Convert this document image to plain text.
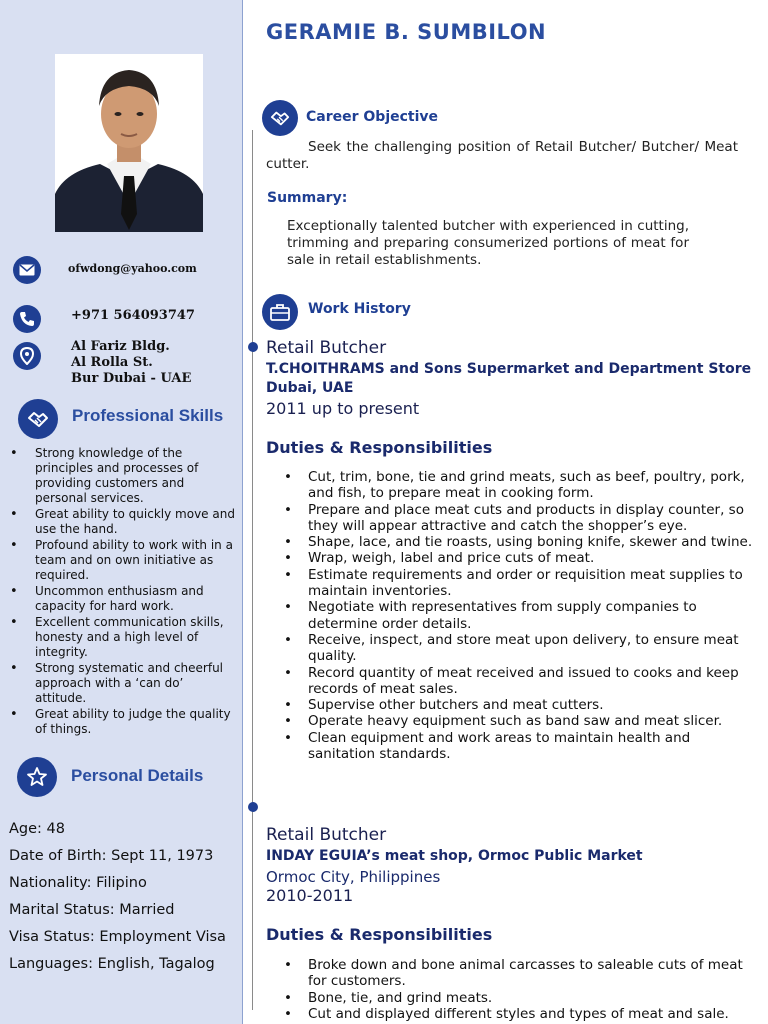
ofwdong@yahoo.com
+971 564093747
Al Fariz Bldg.
Al Rolla St.
Bur Dubai - UAE
Professional Skills
• Strong knowledge of the principles and processes of providing customers and personal services.
• Great ability to quickly move and use the hand.
• Profound ability to work with in a team and on own initiative as required.
• Uncommon enthusiasm and capacity for hard work.
• Excellent communication skills, honesty and a high level of integrity.
• Strong systematic and cheerful approach with a ‘can do’ attitude.
• Great ability to judge the quality of things.
Personal Details
Age: 48
Date of Birth: Sept 11, 1973
Nationality: Filipino
Marital Status: Married
Visa Status: Employment Visa
Languages: English, Tagalog
GERAMIE B. SUMBILON
Career Objective
Seek the challenging position of Retail Butcher/ Butcher/ Meat cutter.
Summary:
Exceptionally talented butcher with experienced in cutting, trimming and preparing consumerized portions of meat for sale in retail establishments.
Work History
Retail Butcher
T.CHOITHRAMS and Sons Supermarket and Department Store
Dubai, UAE
2011 up to present
Duties & Responsibilities
• Cut, trim, bone, tie and grind meats, such as beef, poultry, pork, and fish, to prepare meat in cooking form.
• Prepare and place meat cuts and products in display counter, so they will appear attractive and catch the shopper’s eye.
• Shape, lace, and tie roasts, using boning knife, skewer and twine.
• Wrap, weigh, label and price cuts of meat.
• Estimate requirements and order or requisition meat supplies to maintain inventories.
• Negotiate with representatives from supply companies to determine order details.
• Receive, inspect, and store meat upon delivery, to ensure meat quality.
• Record quantity of meat received and issued to cooks and keep records of meat sales.
• Supervise other butchers and meat cutters.
• Operate heavy equipment such as band saw and meat slicer.
• Clean equipment and work areas to maintain health and sanitation standards.
Retail Butcher
INDAY EGUIA’s meat shop, Ormoc Public Market
Ormoc City, Philippines
2010-2011
Duties & Responsibilities
• Broke down and bone animal carcasses to saleable cuts of meat for customers.
• Bone, tie, and grind meats.
• Cut and displayed different styles and types of meat and sale.
